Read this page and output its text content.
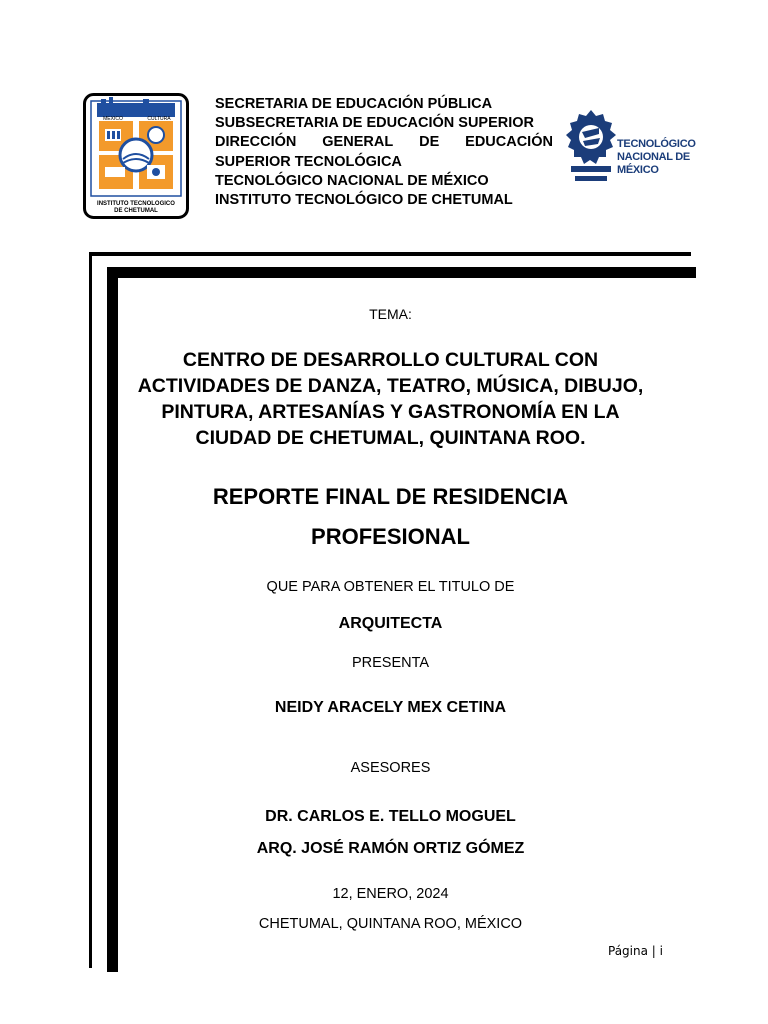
MEXICO	CULTURA
INSTITUTO TECNOLOGICO
DE CHETUMAL
SECRETARIA DE EDUCACIÓN PÚBLICA
SUBSECRETARIA DE EDUCACIÓN SUPERIOR
DIRECCIÓN GENERAL DE EDUCACIÓN
SUPERIOR TECNOLÓGICA
TECNOLÓGICO NACIONAL DE MÉXICO
INSTITUTO TECNOLÓGICO DE CHETUMAL
TECNOLÓGICO
NACIONAL DE MÉXICO
TEMA:
CENTRO DE DESARROLLO CULTURAL CON
ACTIVIDADES DE DANZA, TEATRO, MÚSICA, DIBUJO,
PINTURA, ARTESANÍAS Y GASTRONOMÍA EN LA
CIUDAD DE CHETUMAL, QUINTANA ROO.
REPORTE FINAL DE RESIDENCIA
PROFESIONAL
QUE PARA OBTENER EL TITULO DE
ARQUITECTA
PRESENTA
NEIDY ARACELY MEX CETINA
ASESORES
DR. CARLOS E. TELLO MOGUEL
ARQ. JOSÉ RAMÓN ORTIZ GÓMEZ
12, ENERO, 2024
CHETUMAL, QUINTANA ROO, MÉXICO
Página | i
